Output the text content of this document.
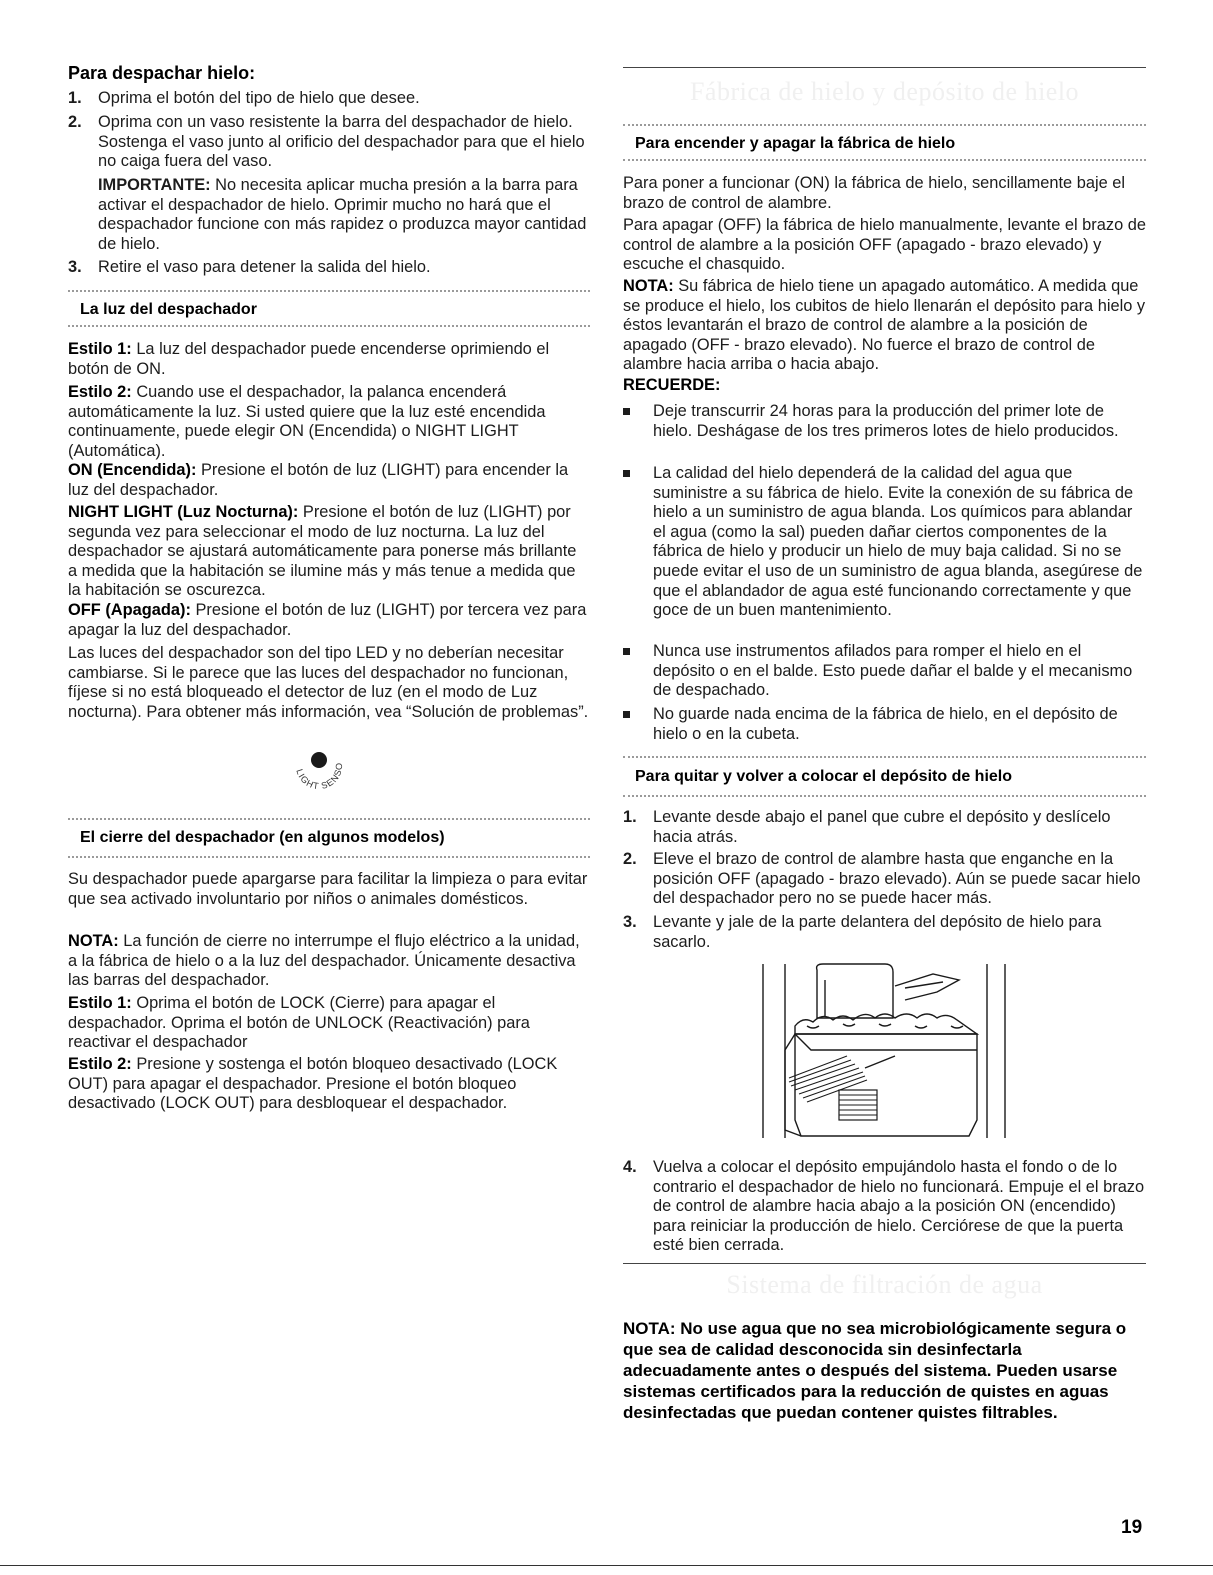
Para despachar hielo:
1. Oprima el botón del tipo de hielo que desee.
2. Oprima con un vaso resistente la barra del despachador de hielo. Sostenga el vaso junto al orificio del despachador para que el hielo no caiga fuera del vaso.
IMPORTANTE: No necesita aplicar mucha presión a la barra para activar el despachador de hielo. Oprimir mucho no hará que el despachador funcione con más rapidez o produzca mayor cantidad de hielo.
3. Retire el vaso para detener la salida del hielo.
La luz del despachador
Estilo 1: La luz del despachador puede encenderse oprimiendo el botón de ON.
Estilo 2: Cuando use el despachador, la palanca encenderá automáticamente la luz. Si usted quiere que la luz esté encendida continuamente, puede elegir ON (Encendida) o NIGHT LIGHT (Automática).
ON (Encendida): Presione el botón de luz (LIGHT) para encender la luz del despachador.
NIGHT LIGHT (Luz Nocturna): Presione el botón de luz (LIGHT) por segunda vez para seleccionar el modo de luz nocturna. La luz del despachador se ajustará automáticamente para ponerse más brillante a medida que la habitación se ilumine más y más tenue a medida que la habitación se oscurezca.
OFF (Apagada): Presione el botón de luz (LIGHT) por tercera vez para apagar la luz del despachador.
Las luces del despachador son del tipo LED y no deberían necesitar cambiarse. Si le parece que las luces del despachador no funcionan, fíjese si no está bloqueado el detector de luz (en el modo de Luz nocturna). Para obtener más información, vea “Solución de problemas”.
LIGHT SENSO
El cierre del despachador (en algunos modelos)
Su despachador puede apargarse para facilitar la limpieza o para evitar que sea activado involuntario por niños o animales domésticos.
NOTA: La función de cierre no interrumpe el flujo eléctrico a la unidad, a la fábrica de hielo o a la luz del despachador. Únicamente desactiva las barras del despachador.
Estilo 1: Oprima el botón de LOCK (Cierre) para apagar el despachador. Oprima el botón de UNLOCK (Reactivación) para reactivar el despachador
Estilo 2: Presione y sostenga el botón bloqueo desactivado (LOCK OUT) para apagar el despachador. Presione el botón bloqueo desactivado (LOCK OUT) para desbloquear el despachador.
Fábrica de hielo y depósito de hielo
Para encender y apagar la fábrica de hielo
Para poner a funcionar (ON) la fábrica de hielo, sencillamente baje el brazo de control de alambre.
Para apagar (OFF) la fábrica de hielo manualmente, levante el brazo de control de alambre a la posición OFF (apagado - brazo elevado) y escuche el chasquido.
NOTA: Su fábrica de hielo tiene un apagado automático. A medida que se produce el hielo, los cubitos de hielo llenarán el depósito para hielo y éstos levantarán el brazo de control de alambre a la posición de apagado (OFF - brazo elevado). No fuerce el brazo de control de alambre hacia arriba o hacia abajo.
RECUERDE:
Deje transcurrir 24 horas para la producción del primer lote de hielo. Deshágase de los tres primeros lotes de hielo producidos.
La calidad del hielo dependerá de la calidad del agua que suministre a su fábrica de hielo. Evite la conexión de su fábrica de hielo a un suministro de agua blanda. Los químicos para ablandar el agua (como la sal) pueden dañar ciertos componentes de la fábrica de hielo y producir un hielo de muy baja calidad. Si no se puede evitar el uso de un suministro de agua blanda, asegúrese de que el ablandador de agua esté funcionando correctamente y que goce de un buen mantenimiento.
Nunca use instrumentos afilados para romper el hielo en el depósito o en el balde. Esto puede dañar el balde y el mecanismo de despachado.
No guarde nada encima de la fábrica de hielo, en el depósito de hielo o en la cubeta.
Para quitar y volver a colocar el depósito de hielo
1. Levante desde abajo el panel que cubre el depósito y deslícelo hacia atrás.
2. Eleve el brazo de control de alambre hasta que enganche en la posición OFF (apagado - brazo elevado). Aún se puede sacar hielo del despachador pero no se puede hacer más.
3. Levante y jale de la parte delantera del depósito de hielo para sacarlo.
4. Vuelva a colocar el depósito empujándolo hasta el fondo o de lo contrario el despachador de hielo no funcionará. Empuje el el brazo de control de alambre hacia abajo a la posición ON (encendido) para reiniciar la producción de hielo. Cerciórese de que la puerta esté bien cerrada.
Sistema de filtración de agua
NOTA: No use agua que no sea microbiológicamente segura o que sea de calidad desconocida sin desinfectarla adecuadamente antes o después del sistema. Pueden usarse sistemas certificados para la reducción de quistes en aguas desinfectadas que puedan contener quistes filtrables.
19
